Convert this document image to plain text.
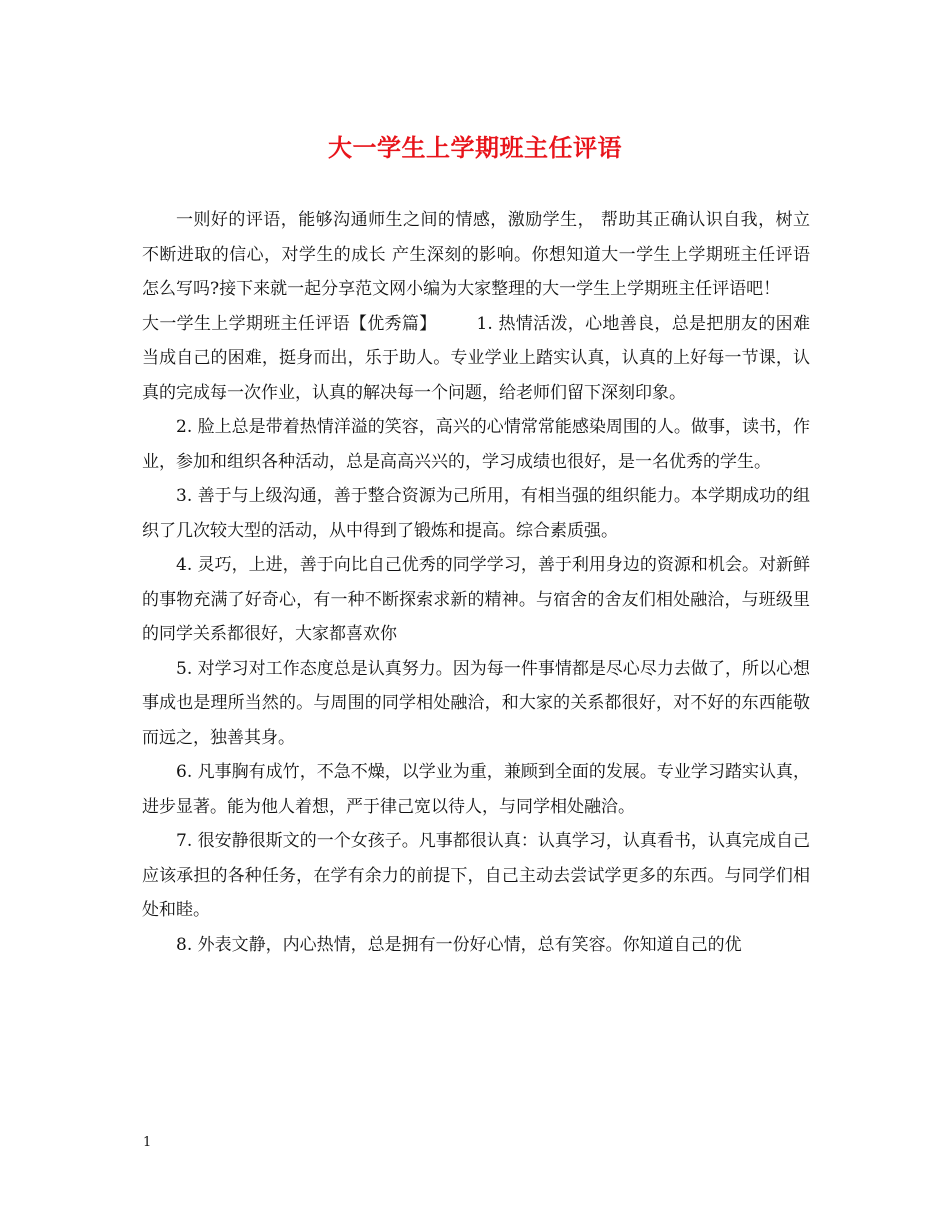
大一学生上学期班主任评语

一则好的评语，能够沟通师生之间的情感，激励学生， 帮助其正确认识自我，树立不断进取的信心，对学生的成长 产生深刻的影响。你想知道大一学生上学期班主任评语怎么写吗?接下来就一起分享范文网小编为大家整理的大一学生上学期班主任评语吧！

大一学生上学期班主任评语【优秀篇】 1. 热情活泼，心地善良，总是把朋友的困难当成自己的困难，挺身而出，乐于助人。专业学业上踏实认真，认真的上好每一节课，认真的完成每一次作业，认真的解决每一个问题，给老师们留下深刻印象。

2. 脸上总是带着热情洋溢的笑容，高兴的心情常常能感染周围的人。做事，读书，作业，参加和组织各种活动，总是高高兴兴的，学习成绩也很好，是一名优秀的学生。

3. 善于与上级沟通，善于整合资源为己所用，有相当强的组织能力。本学期成功的组织了几次较大型的活动，从中得到了锻炼和提高。综合素质强。

4. 灵巧，上进，善于向比自己优秀的同学学习，善于利用身边的资源和机会。对新鲜的事物充满了好奇心，有一种不断探索求新的精神。与宿舍的舍友们相处融洽，与班级里的同学关系都很好，大家都喜欢你

5. 对学习对工作态度总是认真努力。因为每一件事情都是尽心尽力去做了，所以心想事成也是理所当然的。与周围的同学相处融洽，和大家的关系都很好，对不好的东西能敬而远之，独善其身。

6. 凡事胸有成竹，不急不燥，以学业为重，兼顾到全面的发展。专业学习踏实认真，进步显著。能为他人着想，严于律己宽以待人，与同学相处融洽。

7. 很安静很斯文的一个女孩子。凡事都很认真：认真学习，认真看书，认真完成自己应该承担的各种任务，在学有余力的前提下，自己主动去尝试学更多的东西。与同学们相处和睦。

8. 外表文静，内心热情，总是拥有一份好心情，总有笑容。你知道自己的优

1
